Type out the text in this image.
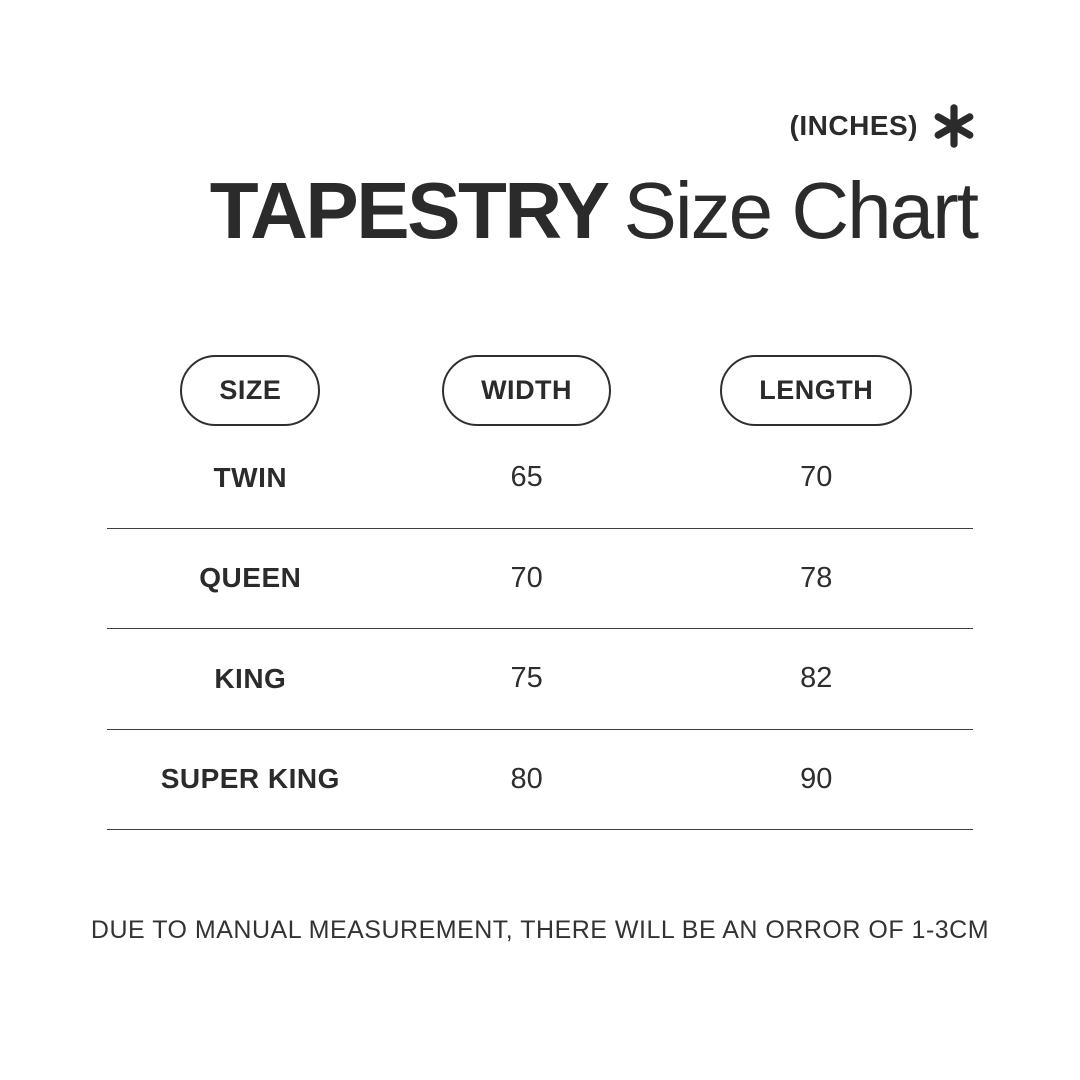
(INCHES)
TAPESTRY Size Chart
SIZE	WIDTH	LENGTH
TWIN	65	70
QUEEN	70	78
KING	75	82
SUPER KING	80	90
DUE TO MANUAL MEASUREMENT, THERE WILL BE AN ORROR OF 1-3CM
